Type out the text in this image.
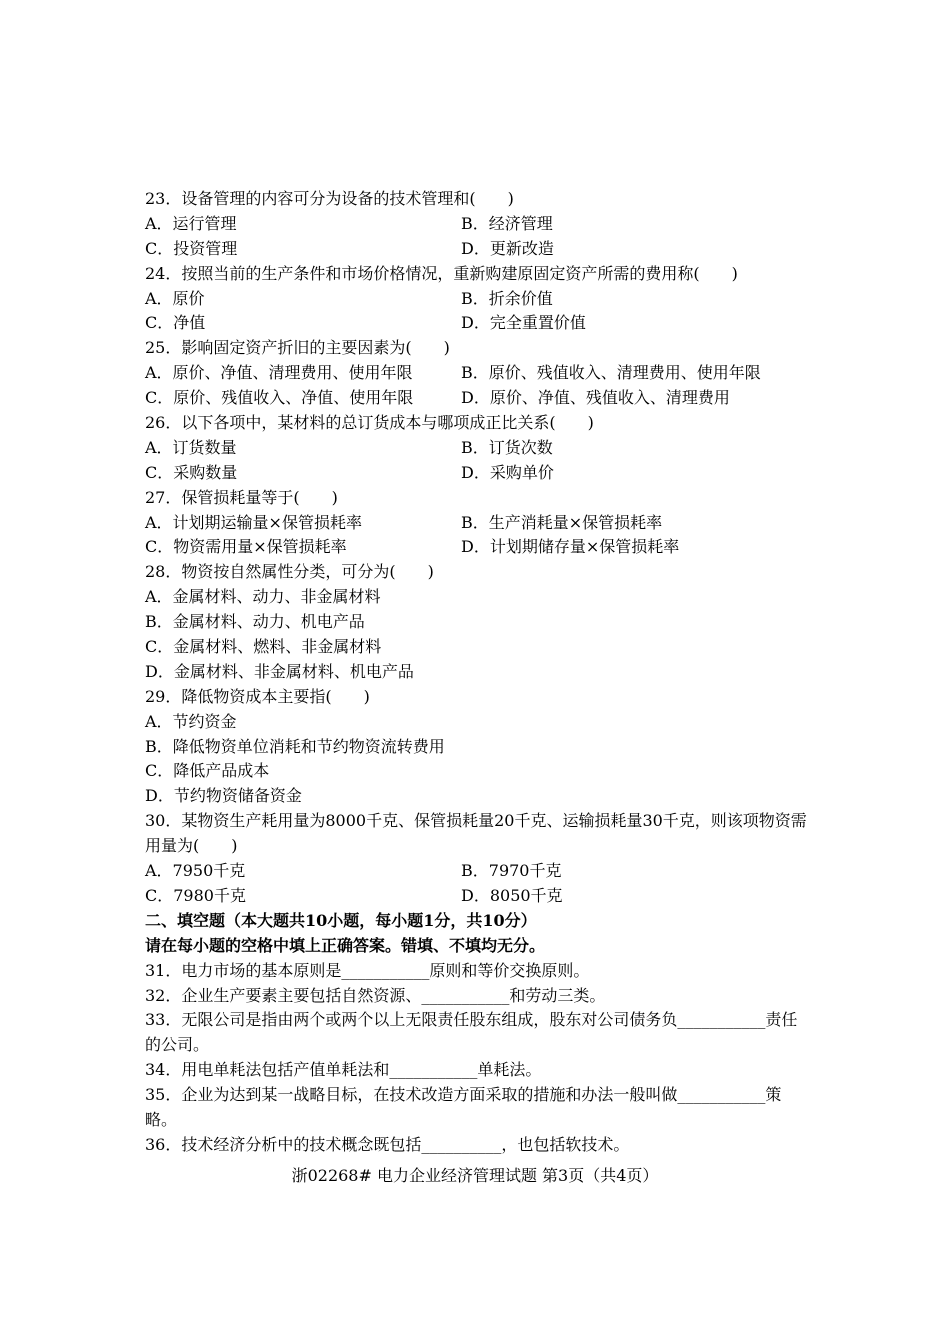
23．设备管理的内容可分为设备的技术管理和(　　)
A．运行管理	B．经济管理
C．投资管理	D．更新改造
24．按照当前的生产条件和市场价格情况，重新购建原固定资产所需的费用称(　　)
A．原价	B．折余价值
C．净值	D．完全重置价值
25．影响固定资产折旧的主要因素为(　　)
A．原价、净值、清理费用、使用年限	B．原价、残值收入、清理费用、使用年限
C．原价、残值收入、净值、使用年限	D．原价、净值、残值收入、清理费用
26．以下各项中，某材料的总订货成本与哪项成正比关系(　　)
A．订货数量	B．订货次数
C．采购数量	D．采购单价
27．保管损耗量等于(　　)
A．计划期运输量×保管损耗率	B．生产消耗量×保管损耗率
C．物资需用量×保管损耗率	D．计划期储存量×保管损耗率
28．物资按自然属性分类，可分为(　　)
A．金属材料、动力、非金属材料
B．金属材料、动力、机电产品
C．金属材料、燃料、非金属材料
D．金属材料、非金属材料、机电产品
29．降低物资成本主要指(　　)
A．节约资金
B．降低物资单位消耗和节约物资流转费用
C．降低产品成本
D．节约物资储备资金
30．某物资生产耗用量为8000千克、保管损耗量20千克、运输损耗量30千克，则该项物资需用量为(　　)
A．7950千克	B．7970千克
C．7980千克	D．8050千克
二、填空题（本大题共10小题，每小题1分，共10分）
请在每小题的空格中填上正确答案。错填、不填均无分。
31．电力市场的基本原则是___________原则和等价交换原则。
32．企业生产要素主要包括自然资源、___________和劳动三类。
33．无限公司是指由两个或两个以上无限责任股东组成，股东对公司债务负___________责任的公司。
34．用电单耗法包括产值单耗法和___________单耗法。
35．企业为达到某一战略目标，在技术改造方面采取的措施和办法一般叫做___________策略。
36．技术经济分析中的技术概念既包括__________，也包括软技术。
浙02268# 电力企业经济管理试题 第3页（共4页）
